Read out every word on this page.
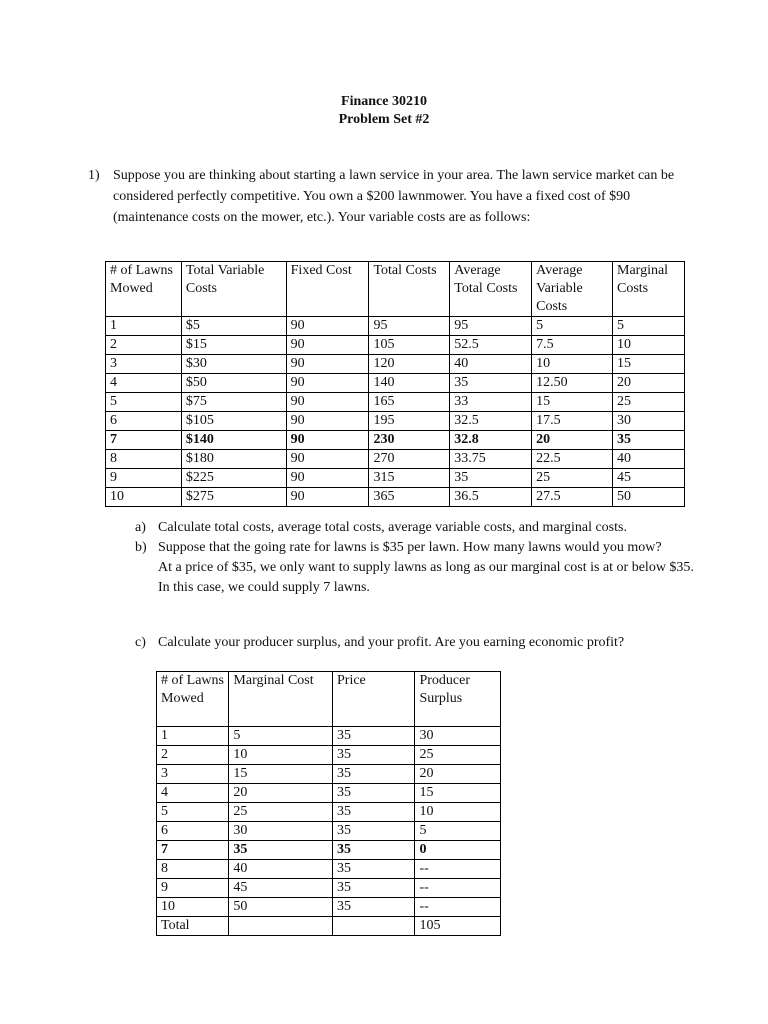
Finance 30210
Problem Set #2
1) Suppose you are thinking about starting a lawn service in your area. The lawn service market can be considered perfectly competitive. You own a $200 lawnmower. You have a fixed cost of $90 (maintenance costs on the mower, etc.). Your variable costs are as follows:
# of Lawns Mowed	Total Variable Costs	Fixed Cost	Total Costs	Average Total Costs	Average Variable Costs	Marginal Costs
1	$5	90	95	95	5	5
2	$15	90	105	52.5	7.5	10
3	$30	90	120	40	10	15
4	$50	90	140	35	12.50	20
5	$75	90	165	33	15	25
6	$105	90	195	32.5	17.5	30
7	$140	90	230	32.8	20	35
8	$180	90	270	33.75	22.5	40
9	$225	90	315	35	25	45
10	$275	90	365	36.5	27.5	50
a) Calculate total costs, average total costs, average variable costs, and marginal costs.
b) Suppose that the going rate for lawns is $35 per lawn. How many lawns would you mow?
At a price of $35, we only want to supply lawns as long as our marginal cost is at or below $35. In this case, we could supply 7 lawns.
c) Calculate your producer surplus, and your profit. Are you earning economic profit?
# of Lawns Mowed	Marginal Cost	Price	Producer Surplus
1	5	35	30
2	10	35	25
3	15	35	20
4	20	35	15
5	25	35	10
6	30	35	5
7	35	35	0
8	40	35	--
9	45	35	--
10	50	35	--
Total			105
